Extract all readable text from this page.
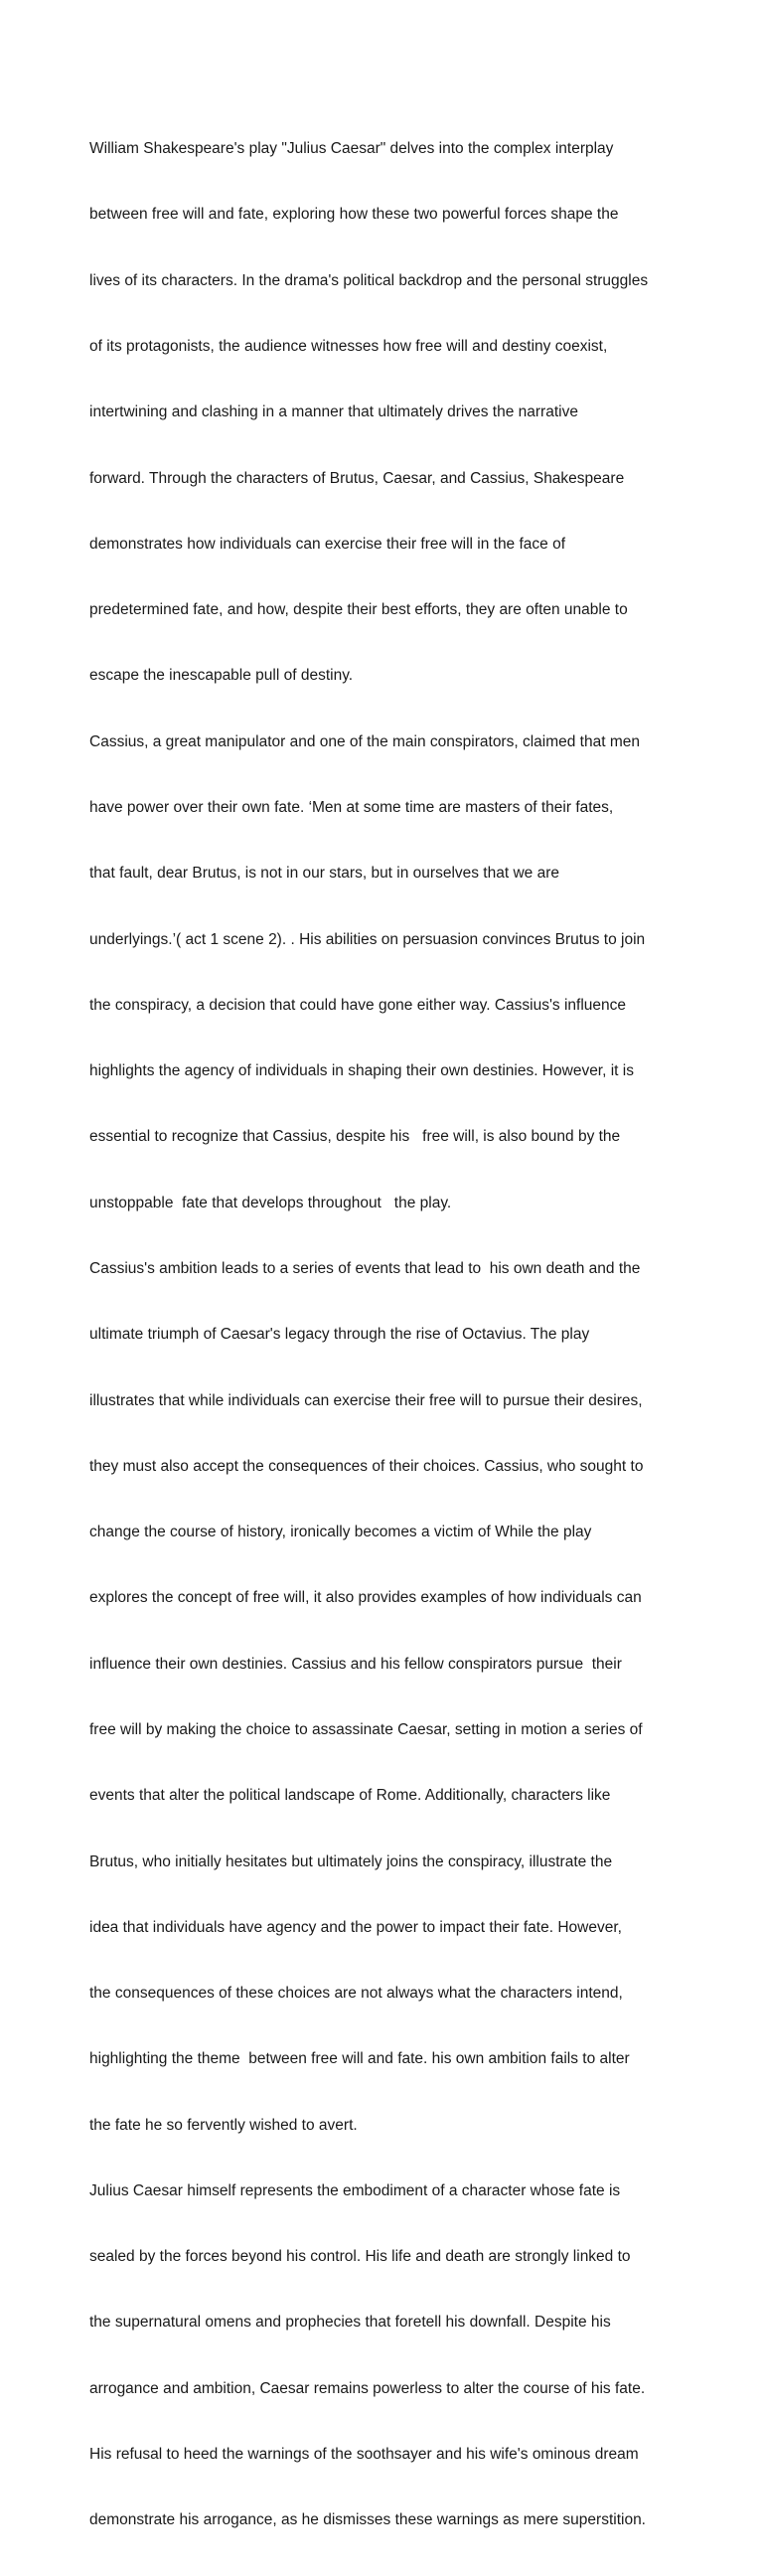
William Shakespeare's play "Julius Caesar" delves into the complex interplay

between free will and fate, exploring how these two powerful forces shape the

lives of its characters. In the drama's political backdrop and the personal struggles

of its protagonists, the audience witnesses how free will and destiny coexist,

intertwining and clashing in a manner that ultimately drives the narrative

forward. Through the characters of Brutus, Caesar, and Cassius, Shakespeare

demonstrates how individuals can exercise their free will in the face of

predetermined fate, and how, despite their best efforts, they are often unable to

escape the inescapable pull of destiny.

Cassius, a great manipulator and one of the main conspirators, claimed that men

have power over their own fate. ‘Men at some time are masters of their fates,

that fault, dear Brutus, is not in our stars, but in ourselves that we are

underlyings.’( act 1 scene 2). . His abilities on persuasion convinces Brutus to join

the conspiracy, a decision that could have gone either way. Cassius's influence

highlights the agency of individuals in shaping their own destinies. However, it is

essential to recognize that Cassius, despite his   free will, is also bound by the

unstoppable  fate that develops throughout   the play.

Cassius's ambition leads to a series of events that lead to  his own death and the

ultimate triumph of Caesar's legacy through the rise of Octavius. The play

illustrates that while individuals can exercise their free will to pursue their desires,

they must also accept the consequences of their choices. Cassius, who sought to

change the course of history, ironically becomes a victim of While the play

explores the concept of free will, it also provides examples of how individuals can

influence their own destinies. Cassius and his fellow conspirators pursue  their

free will by making the choice to assassinate Caesar, setting in motion a series of

events that alter the political landscape of Rome. Additionally, characters like

Brutus, who initially hesitates but ultimately joins the conspiracy, illustrate the

idea that individuals have agency and the power to impact their fate. However,

the consequences of these choices are not always what the characters intend,

highlighting the theme  between free will and fate. his own ambition fails to alter

the fate he so fervently wished to avert.

Julius Caesar himself represents the embodiment of a character whose fate is

sealed by the forces beyond his control. His life and death are strongly linked to

the supernatural omens and prophecies that foretell his downfall. Despite his

arrogance and ambition, Caesar remains powerless to alter the course of his fate.

His refusal to heed the warnings of the soothsayer and his wife's ominous dream

demonstrate his arrogance, as he dismisses these warnings as mere superstition.
